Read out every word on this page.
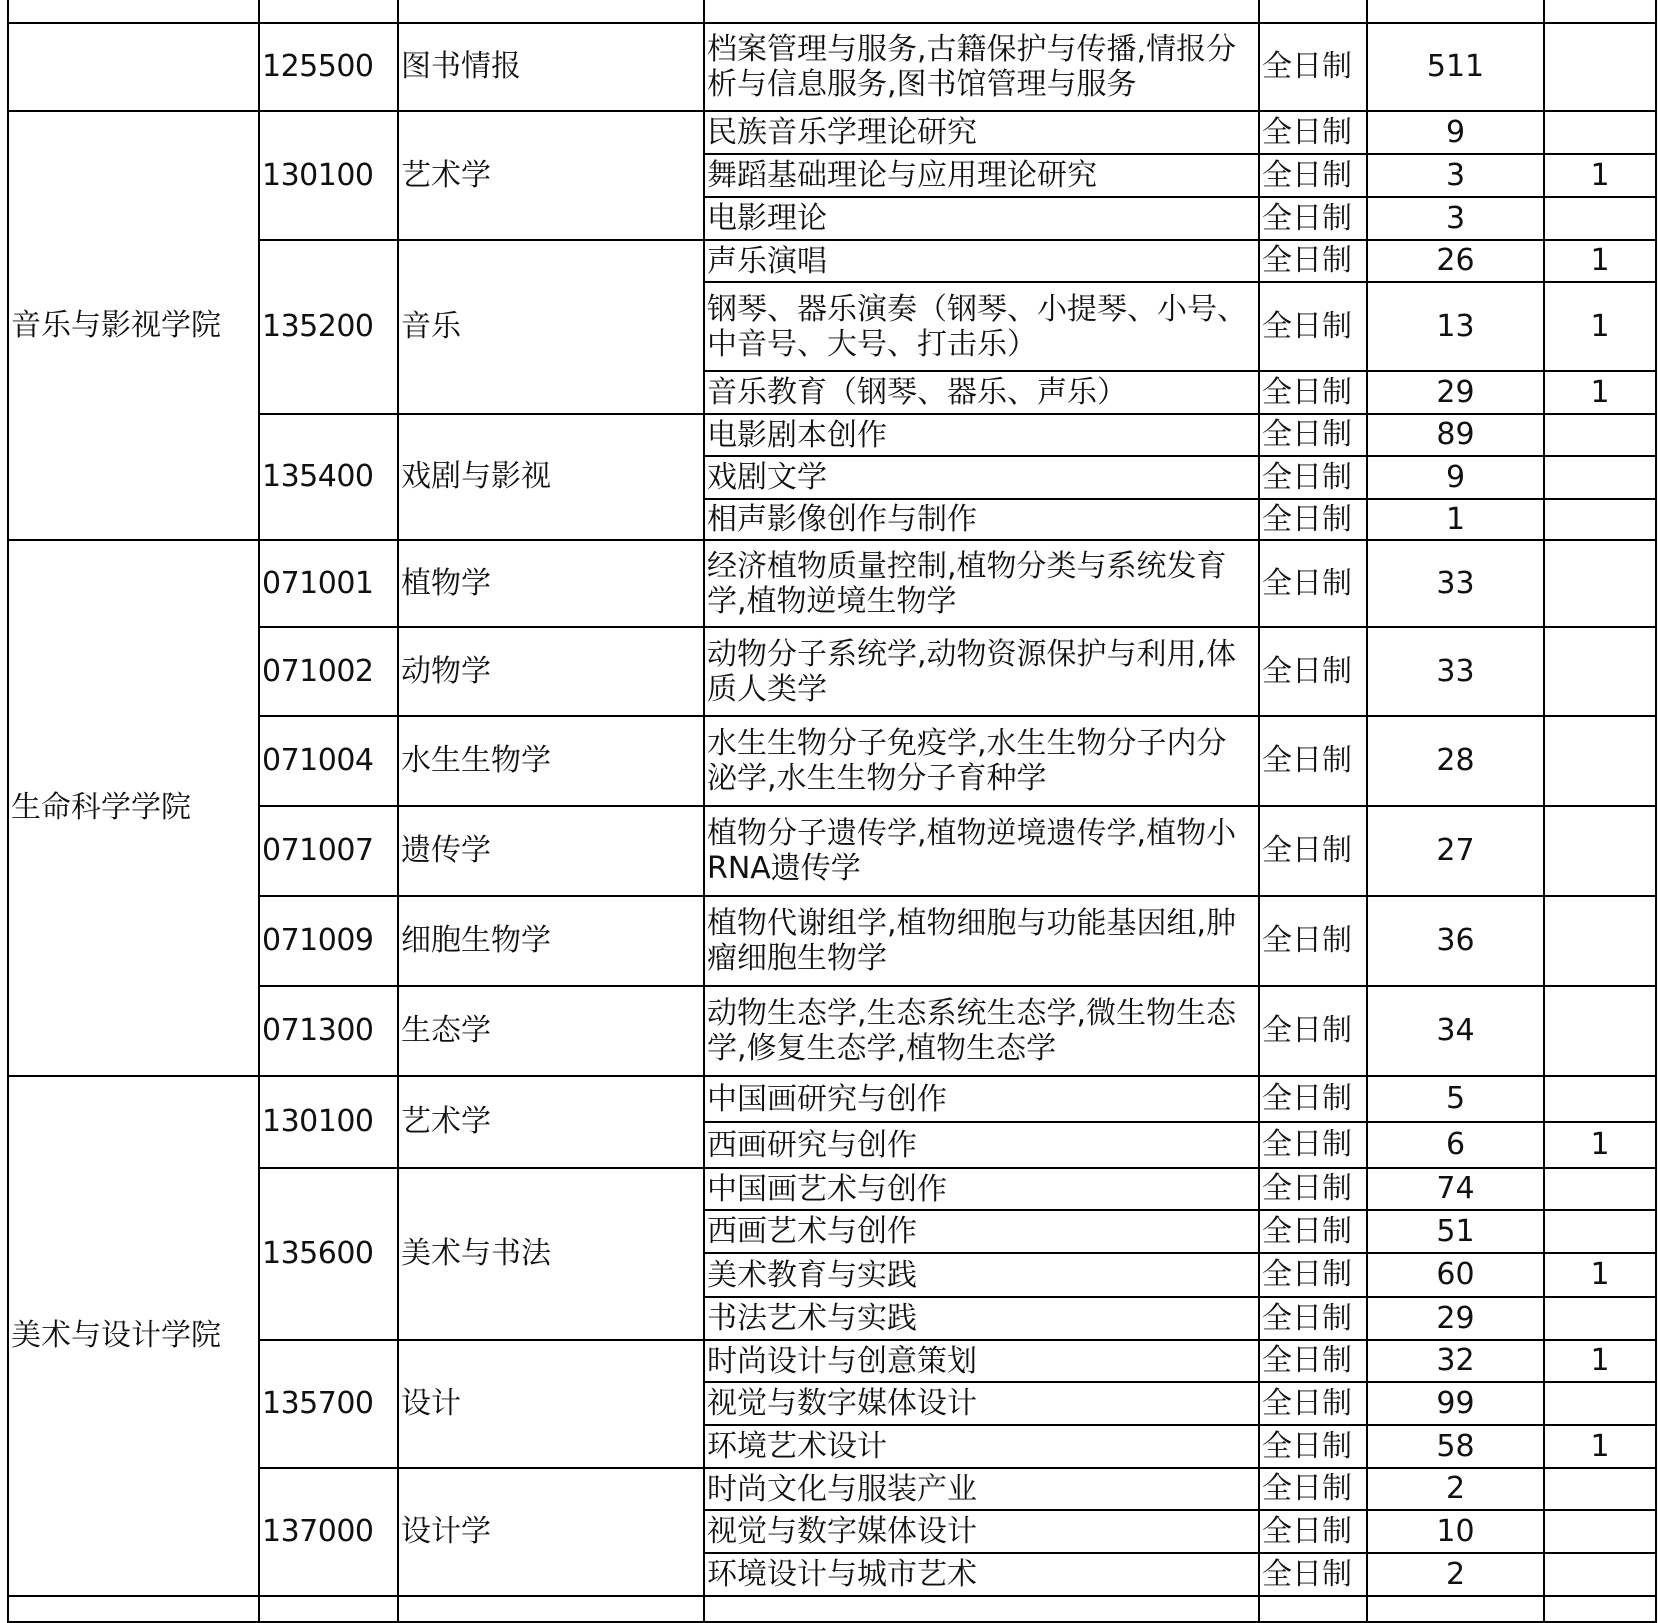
	125500	图书情报	档案管理与服务,古籍保护与传播,情报分析与信息服务,图书馆管理与服务	全日制	511	
音乐与影视学院	130100	艺术学	民族音乐学理论研究	全日制	9	
			舞蹈基础理论与应用理论研究	全日制	3	1
			电影理论	全日制	3	
	135200	音乐	声乐演唱	全日制	26	1
			钢琴、器乐演奏（钢琴、小提琴、小号、中音号、大号、打击乐）	全日制	13	1
			音乐教育（钢琴、器乐、声乐）	全日制	29	1
	135400	戏剧与影视	电影剧本创作	全日制	89	
			戏剧文学	全日制	9	
			相声影像创作与制作	全日制	1	
生命科学学院	071001	植物学	经济植物质量控制,植物分类与系统发育学,植物逆境生物学	全日制	33	
	071002	动物学	动物分子系统学,动物资源保护与利用,体质人类学	全日制	33	
	071004	水生生物学	水生生物分子免疫学,水生生物分子内分泌学,水生生物分子育种学	全日制	28	
	071007	遗传学	植物分子遗传学,植物逆境遗传学,植物小RNA遗传学	全日制	27	
	071009	细胞生物学	植物代谢组学,植物细胞与功能基因组,肿瘤细胞生物学	全日制	36	
	071300	生态学	动物生态学,生态系统生态学,微生物生态学,修复生态学,植物生态学	全日制	34	
美术与设计学院	130100	艺术学	中国画研究与创作	全日制	5	
			西画研究与创作	全日制	6	1
	135600	美术与书法	中国画艺术与创作	全日制	74	
			西画艺术与创作	全日制	51	
			美术教育与实践	全日制	60	1
			书法艺术与实践	全日制	29	
	135700	设计	时尚设计与创意策划	全日制	32	1
			视觉与数字媒体设计	全日制	99	
			环境艺术设计	全日制	58	1
	137000	设计学	时尚文化与服装产业	全日制	2	
			视觉与数字媒体设计	全日制	10	
			环境设计与城市艺术	全日制	2	
